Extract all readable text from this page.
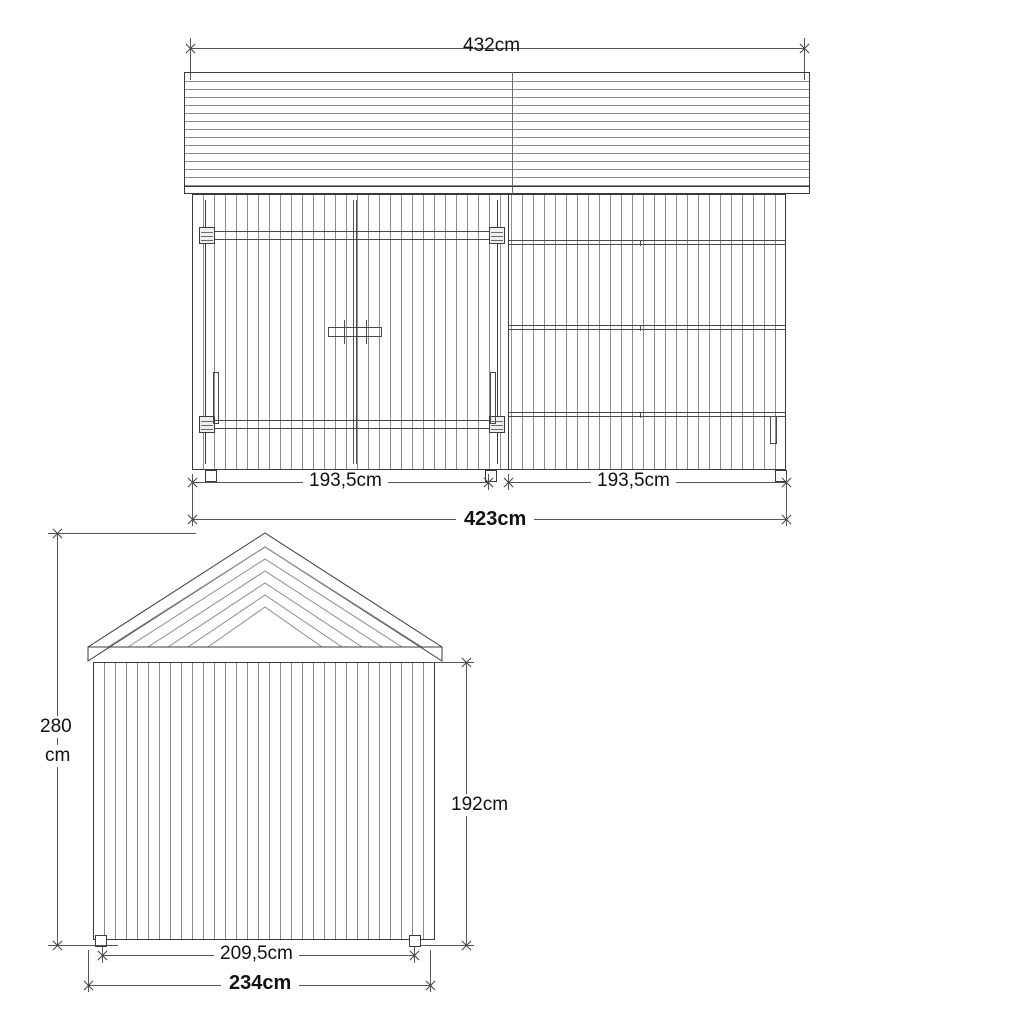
432cm
193,5cm	193,5cm
423cm
280
cm
192cm
209,5cm
234cm
